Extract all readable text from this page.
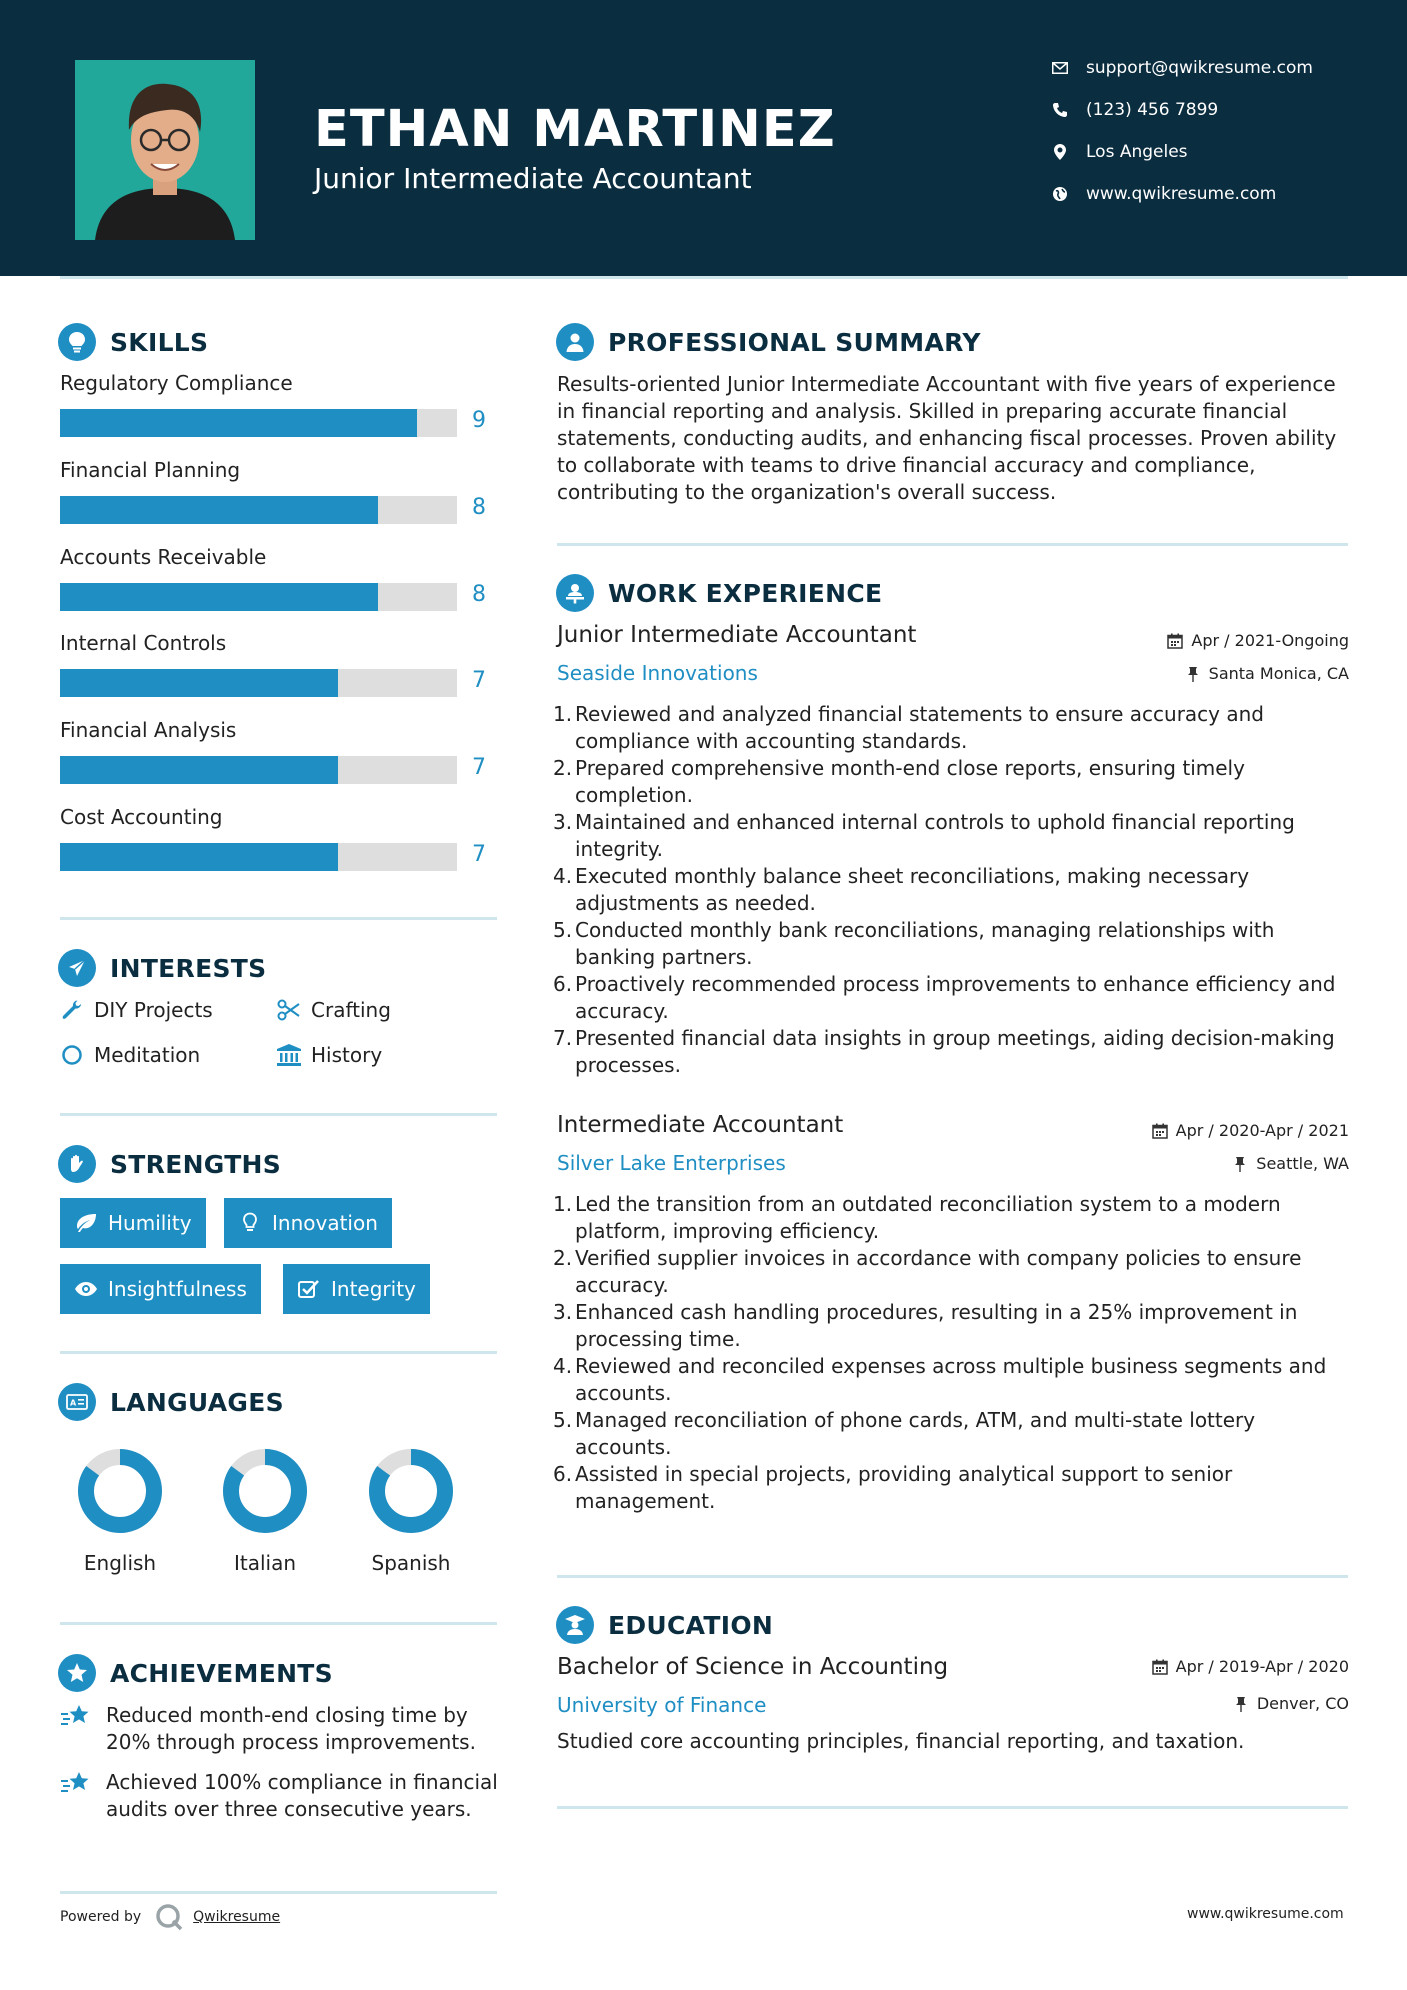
ETHAN MARTINEZ
Junior Intermediate Accountant
support@qwikresume.com
(123) 456 7899
Los Angeles
www.qwikresume.com
SKILLS
Regulatory Compliance
9
Financial Planning
8
Accounts Receivable
8
Internal Controls
7
Financial Analysis
7
Cost Accounting
7
INTERESTS
DIY Projects	Crafting
Meditation	History
STRENGTHS
Humility	Innovation
Insightfulness	Integrity
A LANGUAGES
English	Italian	Spanish
ACHIEVEMENTS
Reduced month-end closing time by 20% through process improvements.
Achieved 100% compliance in financial audits over three consecutive years.
Powered by	Qwikresume	www.qwikresume.com
PROFESSIONAL SUMMARY
Results-oriented Junior Intermediate Accountant with five years of experience in financial reporting and analysis. Skilled in preparing accurate financial statements, conducting audits, and enhancing fiscal processes. Proven ability to collaborate with teams to drive financial accuracy and compliance, contributing to the organization's overall success.
WORK EXPERIENCE
Junior Intermediate Accountant	Apr / 2021-Ongoing
Seaside Innovations	Santa Monica, CA
Reviewed and analyzed financial statements to ensure accuracy and compliance with accounting standards.
Prepared comprehensive month-end close reports, ensuring timely completion.
Maintained and enhanced internal controls to uphold financial reporting integrity.
Executed monthly balance sheet reconciliations, making necessary adjustments as needed.
Conducted monthly bank reconciliations, managing relationships with banking partners.
Proactively recommended process improvements to enhance efficiency and accuracy.
Presented financial data insights in group meetings, aiding decision-making processes.
Intermediate Accountant	Apr / 2020-Apr / 2021
Silver Lake Enterprises	Seattle, WA
Led the transition from an outdated reconciliation system to a modern platform, improving efficiency.
Verified supplier invoices in accordance with company policies to ensure accuracy.
Enhanced cash handling procedures, resulting in a 25% improvement in processing time.
Reviewed and reconciled expenses across multiple business segments and accounts.
Managed reconciliation of phone cards, ATM, and multi-state lottery accounts.
Assisted in special projects, providing analytical support to senior management.
EDUCATION
Bachelor of Science in Accounting	Apr / 2019-Apr / 2020
University of Finance	Denver, CO
Studied core accounting principles, financial reporting, and taxation.
